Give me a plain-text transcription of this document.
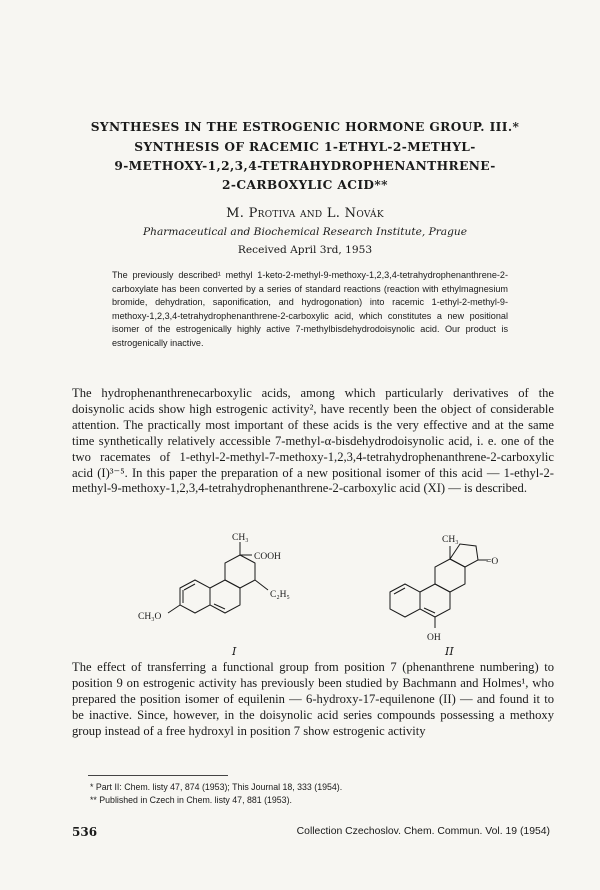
SYNTHESES IN THE ESTROGENIC HORMONE GROUP. III.*
SYNTHESIS OF RACEMIC 1-ETHYL-2-METHYL-
9-METHOXY-1,2,3,4-TETRAHYDROPHENANTHRENE-
2-CARBOXYLIC ACID**
M. Protiva and L. Novák
Pharmaceutical and Biochemical Research Institute, Prague
Received April 3rd, 1953
The previously described¹ methyl 1-keto-2-methyl-9-methoxy-1,2,3,4-tetrahydrophenanthrene-2-carboxylate has been converted by a series of standard reactions (reaction with ethylmagnesium bromide, dehydration, saponification, and hydrogonation) into racemic 1-ethyl-2-methyl-9-methoxy-1,2,3,4-tetrahydrophenanthrene-2-carboxylic acid, which constitutes a new positional isomer of the estrogenically highly active 7-methylbisdehydrodoisynolic acid. Our product is estrogenically inactive.
The hydrophenanthrenecarboxylic acids, among which particularly derivatives of the doisynolic acids show high estrogenic activity², have recently been the object of considerable attention. The practically most important of these acids is the very effective and at the same time synthetically relatively accessible 7-methyl-α-bisdehydrodoisynolic acid, i. e. one of the two racemates of 1-ethyl-2-methyl-7-methoxy-1,2,3,4-tetrahydrophenanthrene-2-carboxylic acid (I)³⁻⁵. In this paper the preparation of a new positional isomer of this acid — 1-ethyl-2-methyl-9-methoxy-1,2,3,4-tetrahydrophenanthrene-2-carboxylic acid (XI) — is described.
CH₃
COOH
C₂H₅
CH₃O
CH₃
=O
OH
I	II
The effect of transferring a functional group from position 7 (phenanthrene numbering) to position 9 on estrogenic activity has previously been studied by Bachmann and Holmes¹, who prepared the position isomer of equilenin — 6-hydroxy-17-equilenone (II) — and found it to be inactive. Since, however, in the doisynolic acid series compounds possessing a methoxy group instead of a free hydroxyl in position 7 show estrogenic activity
* Part II: Chem. listy 47, 874 (1953); This Journal 18, 333 (1954).
** Published in Czech in Chem. listy 47, 881 (1953).
536	Collection Czechoslov. Chem. Commun. Vol. 19 (1954)
